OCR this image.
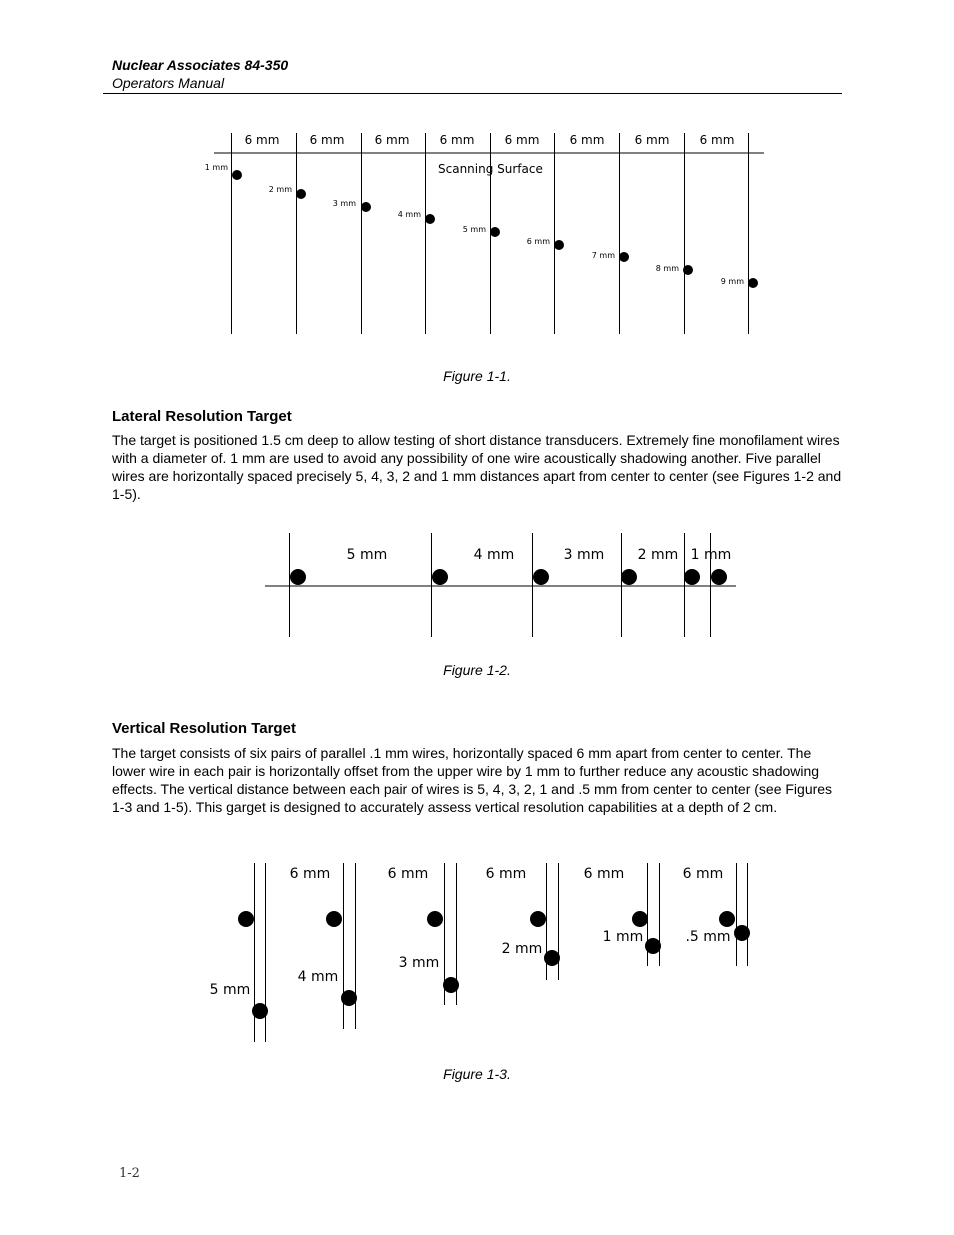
Nuclear Associates 84-350
Operators Manual
6 mm	6 mm	6 mm	6 mm	6 mm	6 mm	6 mm	6 mm
Scanning Surface
1 mm
2 mm
3 mm
4 mm
5 mm
6 mm
7 mm
8 mm
9 mm
5 mm	4 mm	3 mm 2 mm 1 mm
6 mm	6 mm	6 mm	6 mm	6 mm
5 mm
4 mm
3 mm
2 mm
1 mm	.5 mm
Figure 1-1.
Lateral Resolution Target
The target is positioned 1.5 cm deep to allow testing of short distance transducers. Extremely fine monofilament wires with a diameter of. 1 mm are used to avoid any possibility of one wire acoustically shadowing another. Five parallel wires are horizontally spaced precisely 5, 4, 3, 2 and 1 mm distances apart from center to center (see Figures 1-2 and 1-5).
Figure 1-2.
Vertical Resolution Target
The target consists of six pairs of parallel .1 mm wires, horizontally spaced 6 mm apart from center to center. The lower wire in each pair is horizontally offset from the upper wire by 1 mm to further reduce any acoustic shadowing effects. The vertical distance between each pair of wires is 5, 4, 3, 2, 1 and .5 mm from center to center (see Figures 1-3 and 1-5). This garget is designed to accurately assess vertical resolution capabilities at a depth of 2 cm.
Figure 1-3.
1-2
